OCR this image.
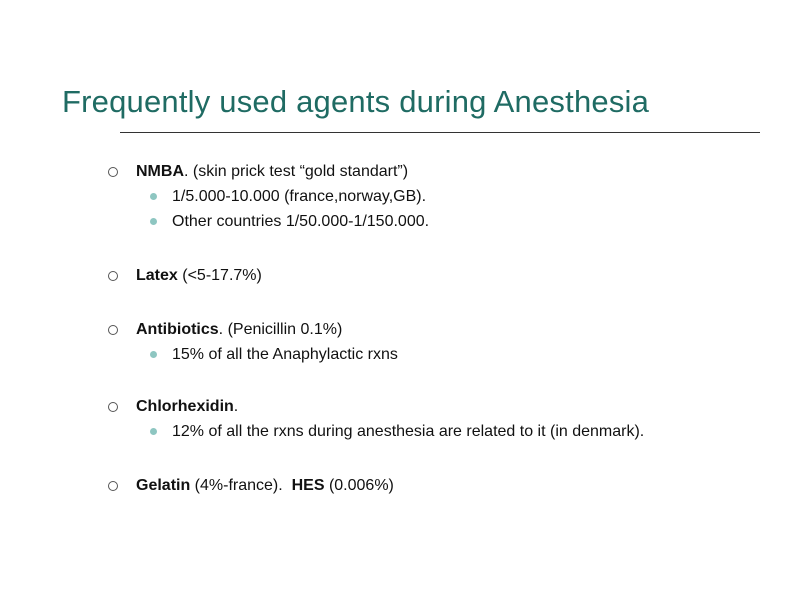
Frequently used agents during Anesthesia
NMBA. (skin prick test “gold standart”)
1/5.000-10.000 (france,norway,GB).
Other countries 1/50.000-1/150.000.
Latex (<5-17.7%)
Antibiotics. (Penicillin 0.1%)
15% of all the Anaphylactic rxns
Chlorhexidin.
12% of all the rxns during anesthesia are related to it (in denmark).
Gelatin (4%-france).  HES (0.006%)
